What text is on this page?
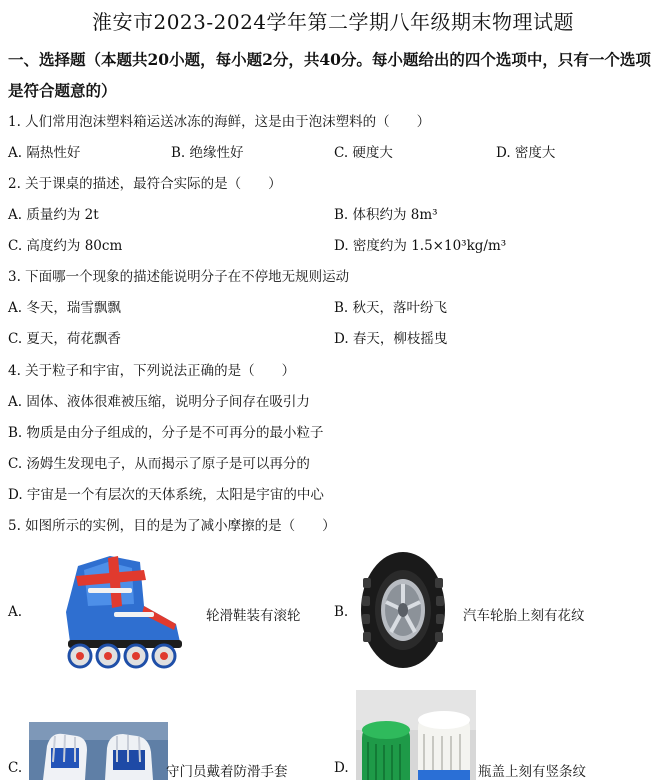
淮安市2023-2024学年第二学期八年级期末物理试题
一、选择题（本题共20小题，每小题2分，共40分。每小题给出的四个选项中，只有一个选项是符合题意的）
1. 人们常用泡沫塑料箱运送冰冻的海鲜，这是由于泡沫塑料的（　　）
A. 隔热性好	B. 绝缘性好	C. 硬度大	D. 密度大
2. 关于课桌的描述，最符合实际的是（　　）
A. 质量约为 2t	B. 体积约为 8m³
C. 高度约为 80cm	D. 密度约为 1.5×10³kg/m³
3. 下面哪一个现象的描述能说明分子在不停地无规则运动
A. 冬天，瑞雪飘飘	B. 秋天，落叶纷飞
C. 夏天，荷花飘香	D. 春天，柳枝摇曳
4. 关于粒子和宇宙，下列说法正确的是（　　）
A. 固体、液体很难被压缩，说明分子间存在吸引力
B. 物质是由分子组成的，分子是不可再分的最小粒子
C. 汤姆生发现电子，从而揭示了原子是可以再分的
D. 宇宙是一个有层次的天体系统，太阳是宇宙的中心
5. 如图所示的实例，目的是为了减小摩擦的是（　　）
A.	轮滑鞋装有滚轮 B.	汽车轮胎上刻有花纹
C.	守门员戴着防滑手套	D.	瓶盖上刻有竖条纹
